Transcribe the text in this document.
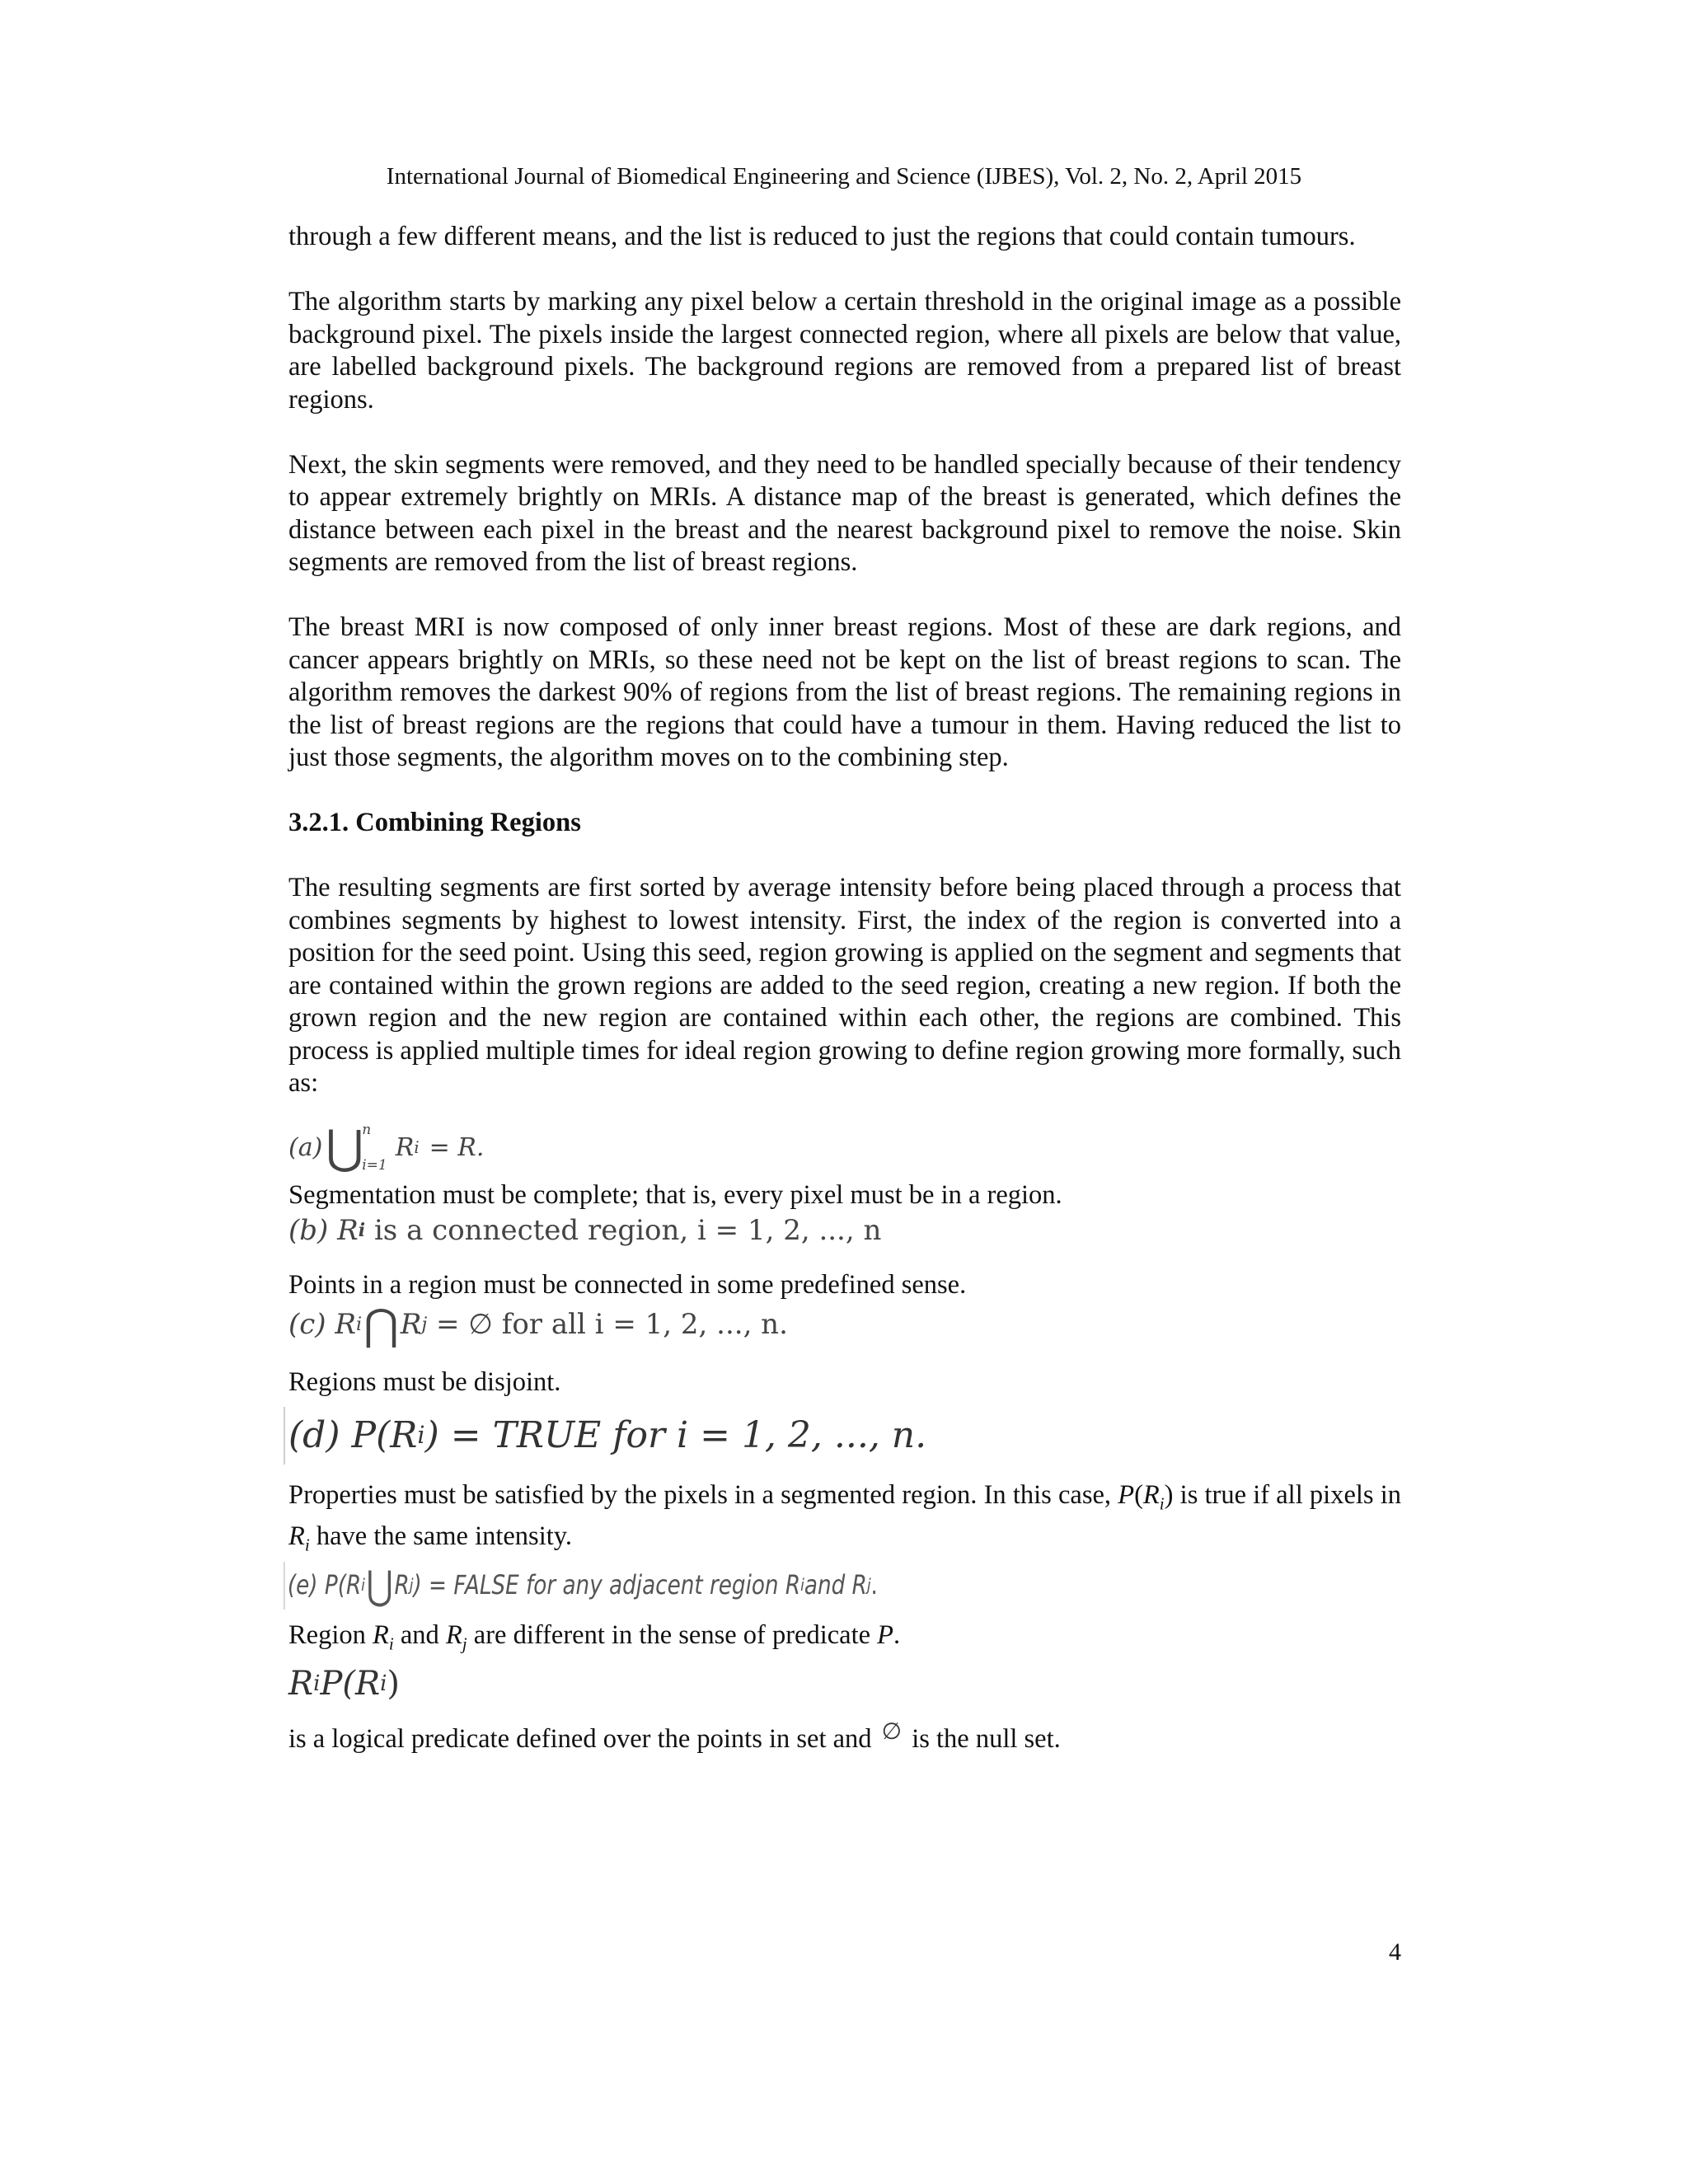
International Journal of Biomedical Engineering and Science (IJBES), Vol. 2, No. 2, April 2015

through a few different means, and the list is reduced to just the regions that could contain tumours.

The algorithm starts by marking any pixel below a certain threshold in the original image as a possible background pixel. The pixels inside the largest connected region, where all pixels are below that value, are labelled background pixels. The background regions are removed from a prepared list of breast regions.

Next, the skin segments were removed, and they need to be handled specially because of their tendency to appear extremely brightly on MRIs. A distance map of the breast is generated, which defines the distance between each pixel in the breast and the nearest background pixel to remove the noise. Skin segments are removed from the list of breast regions.

The breast MRI is now composed of only inner breast regions. Most of these are dark regions, and cancer appears brightly on MRIs, so these need not be kept on the list of breast regions to scan. The algorithm removes the darkest 90% of regions from the list of breast regions. The remaining regions in the list of breast regions are the regions that could have a tumour in them. Having reduced the list to just those segments, the algorithm moves on to the combining step.

3.2.1. Combining Regions

The resulting segments are first sorted by average intensity before being placed through a process that combines segments by highest to lowest intensity. First, the index of the region is converted into a position for the seed point. Using this seed, region growing is applied on the segment and segments that are contained within the grown regions are added to the seed region, creating a new region. If both the grown region and the new region are contained within each other, the regions are combined. This process is applied multiple times for ideal region growing to define region growing more formally, such as:

(a) ⋃
n
i=1
R i = R.

Segmentation must be complete; that is, every pixel must be in a region.

(b)
R i
is a connected region, i = 1, 2, ..., n

Points in a region must be connected in some predefined sense.

(c)
R i ⋂ R j
= ∅ for all i = 1, 2, ..., n.

Regions must be disjoint.

(d)
P(R i ) = TRUE for i = 1, 2, ..., n.

Properties must be satisfied by the pixels in a segmented region. In this case, $P(R_i)$ is true if all pixels in $R_i$ have the same intensity.

(e)
P(R i ⋃ R j ) = FALSE for any adjacent region R i and R j .

Region $R_i$ and $R_j$ are different in the sense of predicate P.

R i P(R i )

is a logical predicate defined over the points in set and ∅ is the null set.

4
